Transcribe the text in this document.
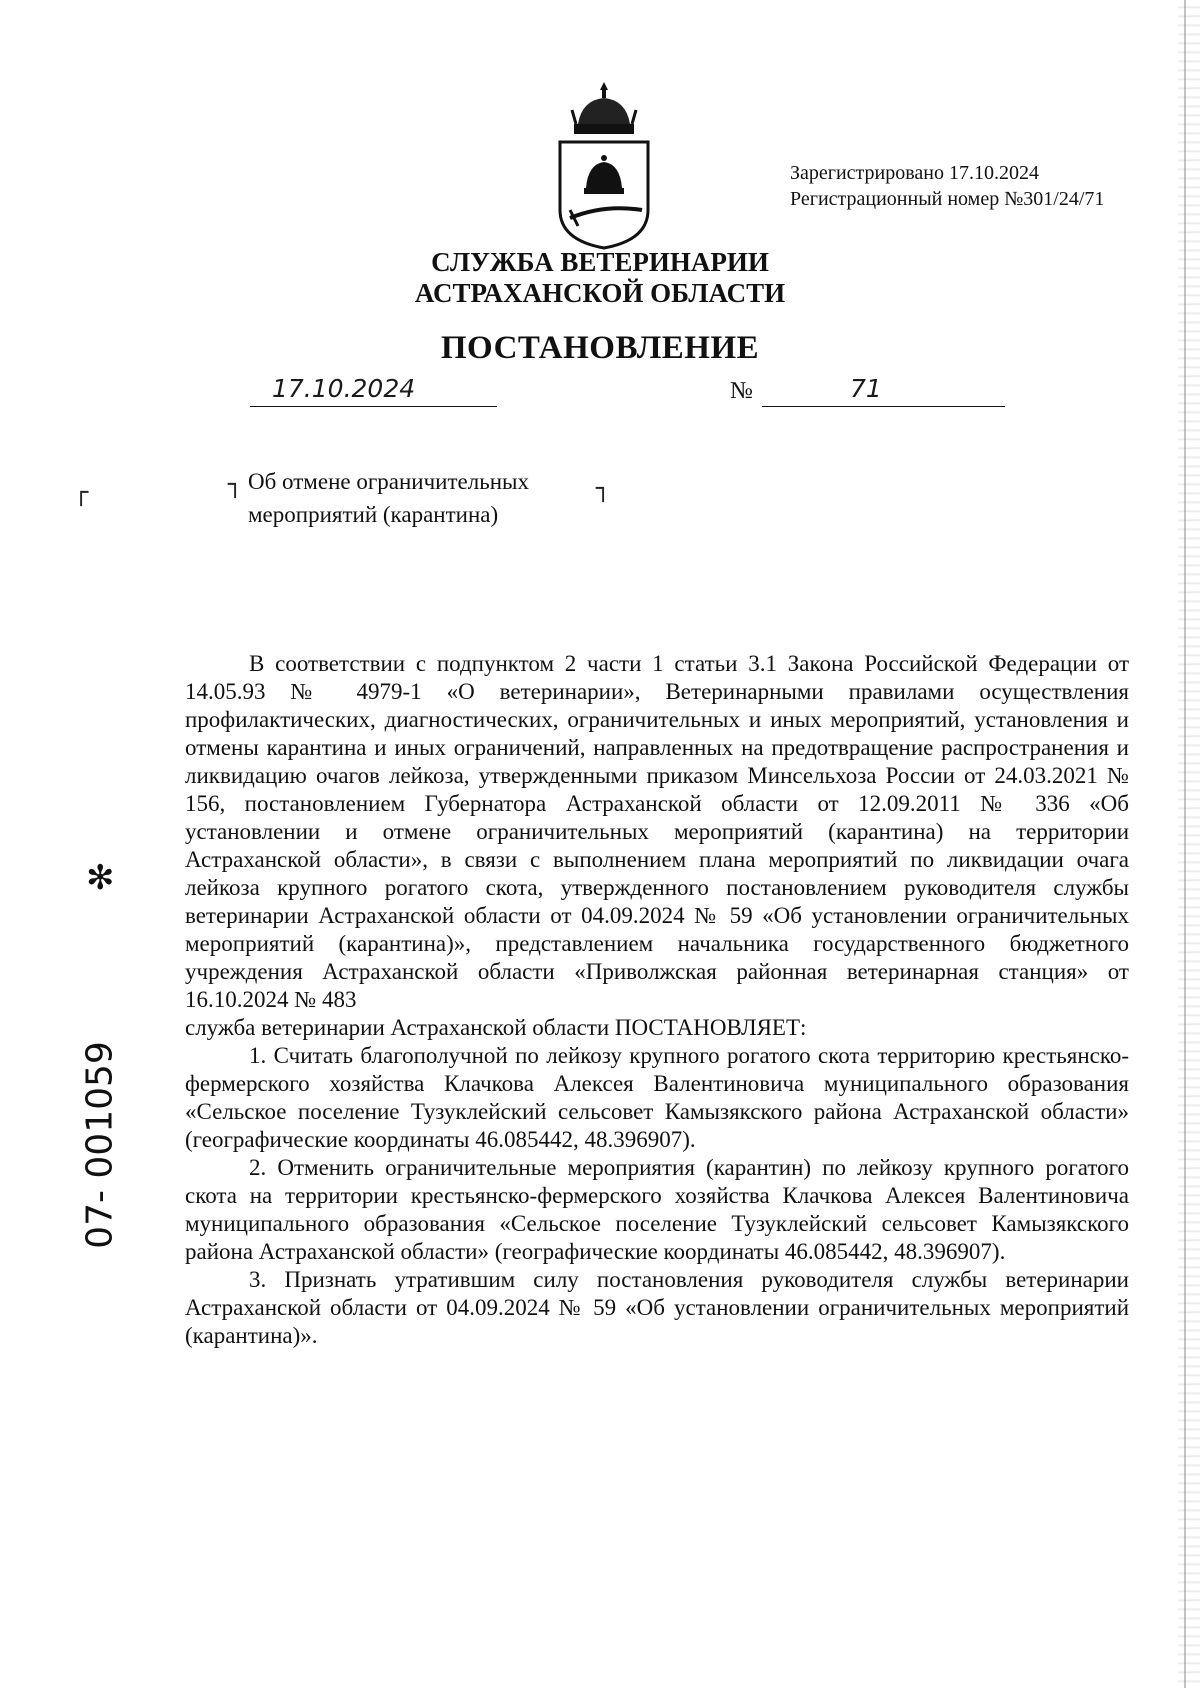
Зарегистрировано 17.10.2024
Регистрационный номер №301/24/71
СЛУЖБА ВЕТЕРИНАРИИ
АСТРАХАНСКОЙ ОБЛАСТИ
ПОСТАНОВЛЕНИЕ
17.10.2024	№	71
┌	┐	┐
Об отмене ограничительных
мероприятий (карантина)

В соответствии с подпунктом 2 части 1 статьи 3.1 Закона Российской Федерации от 14.05.93 № 4979-1 «О ветеринарии», Ветеринарными правилами осуществления профилактических, диагностических, ограничительных и иных мероприятий, установления и отмены карантина и иных ограничений, направленных на предотвращение распространения и ликвидацию очагов лейкоза, утвержденными приказом Минсельхоза России от 24.03.2021 № 156, постановлением Губернатора Астраханской области от 12.09.2011 № 336 «Об установлении и отмене ограничительных мероприятий (карантина) на территории Астраханской области», в связи с выполнением плана мероприятий по ликвидации очага лейкоза крупного рогатого скота, утвержденного постановлением руководителя службы ветеринарии Астраханской области от 04.09.2024 № 59 «Об установлении ограничительных мероприятий (карантина)», представлением начальника государственного бюджетного учреждения Астраханской области «Приволжская районная ветеринарная станция» от 16.10.2024 № 483

служба ветеринарии Астраханской области ПОСТАНОВЛЯЕТ:

1. Считать благополучной по лейкозу крупного рогатого скота территорию крестьянско-фермерского хозяйства Клачкова Алексея Валентиновича муниципального образования «Сельское поселение Тузуклейский сельсовет Камызякского района Астраханской области» (географические координаты 46.085442, 48.396907).

2. Отменить ограничительные мероприятия (карантин) по лейкозу крупного рогатого скота на территории крестьянско-фермерского хозяйства Клачкова Алексея Валентиновича муниципального образования «Сельское поселение Тузуклейский сельсовет Камызякского района Астраханской области» (географические координаты 46.085442, 48.396907).

3. Признать утратившим силу постановления руководителя службы ветеринарии Астраханской области от 04.09.2024 № 59 «Об установлении ограничительных мероприятий (карантина)».

✻
07- 001059
